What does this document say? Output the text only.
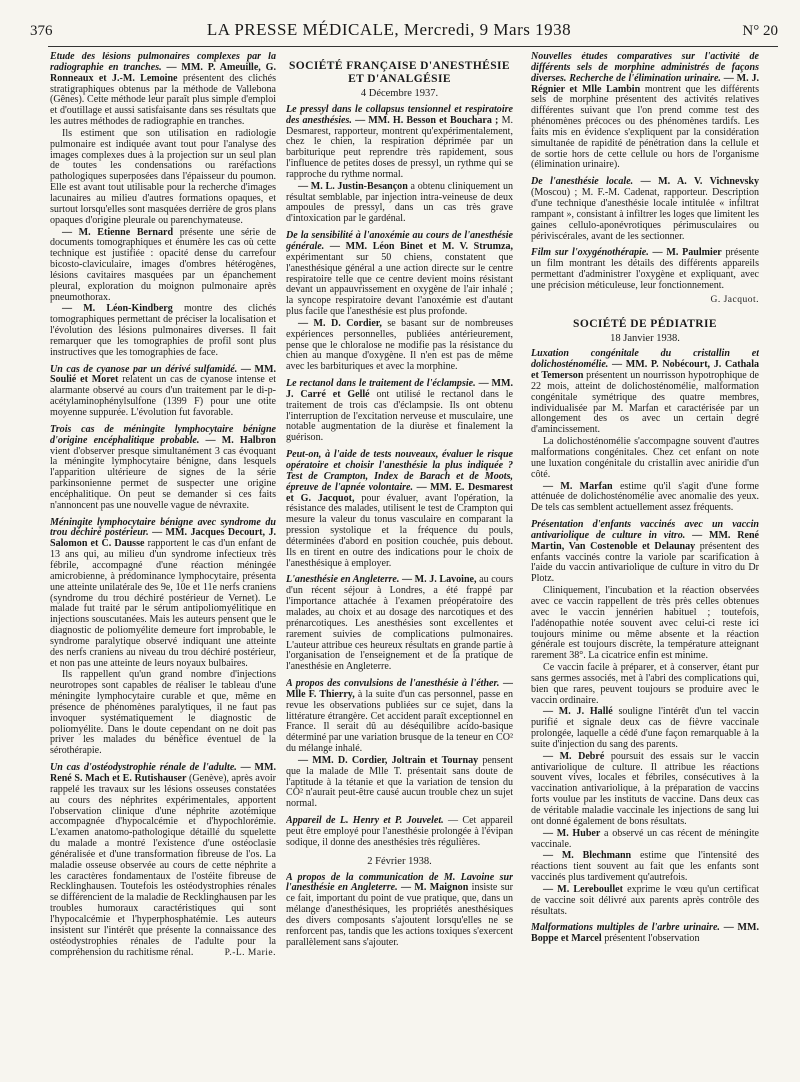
376	LA PRESSE MÉDICALE, Mercredi, 9 Mars 1938	N° 20

Etude des lésions pulmonaires complexes par la radiographie en tranches. — MM. P. Ameuille, G. Ronneaux et J.-M. Lemoine présentent des clichés stratigraphiques obtenus par la méthode de Vallebona (Gênes). Cette méthode leur paraît plus simple d'emploi et d'outillage et aussi satisfaisante dans ses résultats que les autres méthodes de radiographie en tranches.

Ils estiment que son utilisation en radiologie pulmonaire est indiquée avant tout pour l'analyse des images complexes dues à la projection sur un seul plan de toutes les condensations ou raréfactions pathologiques superposées dans l'épaisseur du poumon. Elle est avant tout utilisable pour la recherche d'images lacunaires au milieu d'autres formations opaques, et surtout lorsqu'elles sont masquées derrière de gros plans opaques d'origine pleurale ou parenchymateuse.

— M. Etienne Bernard présente une série de documents tomographiques et énumère les cas où cette technique est justifiée : opacité dense du carrefour bicosto-claviculaire, images d'ombres hétérogènes, lésions cavitaires masquées par un épanchement pleural, exploration du moignon pulmonaire après pneumothorax.

— M. Léon-Kindberg montre des clichés tomographiques permettant de préciser la localisation et l'évolution des lésions pulmonaires diverses. Il fait remarquer que les tomographies de profil sont plus instructives que les tomographies de face.

Un cas de cyanose par un dérivé sulfamidé. — MM. Soulié et Moret relatent un cas de cyanose intense et alarmante observé au cours d'un traitement par le di-p-acétylaminophénylsulfone (1399 F) pour une otite moyenne suppurée. L'évolution fut favorable.

Trois cas de méningite lymphocytaire bénigne d'origine encéphalitique probable. — M. Halbron vient d'observer presque simultanément 3 cas évoquant la méningite lymphocytaire bénigne, dans lesquels l'apparition ultérieure de signes de la série parkinsonienne permet de suspecter une origine encéphalitique. On peut se demander si ces faits n'annoncent pas une nouvelle vague de névraxite.

Méningite lymphocytaire bénigne avec syndrome du trou déchiré postérieur. — MM. Jacques Decourt, J. Salomon et C. Dausse rapportent le cas d'un enfant de 13 ans qui, au milieu d'un syndrome infectieux très fébrile, accompagné d'une réaction méningée amicrobienne, à prédominance lymphocytaire, présenta une atteinte unilatérale des 9e, 10e et 11e nerfs craniens (syndrome du trou déchiré postérieur de Vernet). Le malade fut traité par le sérum antipoliomyélitique en injections souscutanées. Mais les auteurs pensent que le diagnostic de poliomyélite demeure fort improbable, le syndrome paralytique observé indiquant une atteinte des nerfs craniens au niveau du trou déchiré postérieur, et non pas une atteinte de leurs noyaux bulbaires.

Ils rappellent qu'un grand nombre d'injections neurotropes sont capables de réaliser le tableau d'une méningite lymphocytaire curable et que, même en présence de phénomènes paralytiques, il ne faut pas invoquer systématiquement le diagnostic de poliomyélite. Dans le doute cependant on ne doit pas priver les malades du bénéfice éventuel de la sérothérapie.

Un cas d'ostéodystrophie rénale de l'adulte. — MM. René S. Mach et E. Rutishauser (Genève), après avoir rappelé les travaux sur les lésions osseuses constatées au cours des néphrites expérimentales, apportent l'observation clinique d'une néphrite azotémique accompagnée d'hypocalcémie et d'hypochlorémie. L'examen anatomo-pathologique détaillé du squelette du malade a montré l'existence d'une ostéoclasie généralisée et d'une transformation fibreuse de l'os. La maladie osseuse observée au cours de cette néphrite a les caractères fondamentaux de l'ostéite fibreuse de Recklinghausen. Toutefois les ostéodystrophies rénales se différencient de la maladie de Recklinghausen par les troubles humoraux caractéristiques qui sont l'hypocalcémie et l'hyperphosphatémie. Les auteurs insistent sur l'intérêt que présente la connaissance des ostéodystrophies rénales de l'adulte pour la compréhension du rachitisme rénal.	P.-L. Marie.

SOCIÉTÉ FRANÇAISE D'ANESTHÉSIE ET D'ANALGÉSIE
4 Décembre 1937.

Le pressyl dans le collapsus tensionnel et respiratoire des anesthésies. — MM. H. Besson et Bouchara ; M. Desmarest, rapporteur, montrent qu'expérimentalement, chez le chien, la respiration déprimée par un barbiturique peut reprendre très rapidement, sous l'influence de petites doses de pressyl, un rythme qui se rapproche du rythme normal.

— M. L. Justin-Besançon a obtenu cliniquement un résultat semblable, par injection intra-veineuse de deux ampoules de pressyl, dans un cas très grave d'intoxication par le gardénal.

De la sensibilité à l'anoxémie au cours de l'anesthésie générale. — MM. Léon Binet et M. V. Strumza, expérimentant sur 50 chiens, constatent que l'anesthésique général a une action directe sur le centre respiratoire telle que ce centre devient moins résistant devant un appauvrissement en oxygène de l'air inhalé ; la syncope respiratoire devant l'anoxémie est d'autant plus facile que l'anesthésie est plus profonde.

— M. D. Cordier, se basant sur de nombreuses expériences personnelles, publiées antérieurement, pense que le chloralose ne modifie pas la résistance du chien au manque d'oxygène. Il n'en est pas de même avec les barbituriques et avec la morphine.

Le rectanol dans le traitement de l'éclampsie. — MM. J. Carré et Gellé ont utilisé le rectanol dans le traitement de trois cas d'éclampsie. Ils ont obtenu l'interruption de l'excitation nerveuse et musculaire, une notable augmentation de la diurèse et finalement la guérison.

Peut-on, à l'aide de tests nouveaux, évaluer le risque opératoire et choisir l'anesthésie la plus indiquée ? Test de Crampton, Index de Barach et de Moots, épreuve de l'apnée volontaire. — MM. E. Desmarest et G. Jacquot, pour évaluer, avant l'opération, la résistance des malades, utilisent le test de Crampton qui mesure la valeur du tonus vasculaire en comparant la pression systolique et la fréquence du pouls, déterminées d'abord en position couchée, puis debout. Ils en tirent en outre des indications pour le choix de l'anesthésique à employer.

L'anesthésie en Angleterre. — M. J. Lavoine, au cours d'un récent séjour à Londres, a été frappé par l'importance attachée à l'examen préopératoire des malades, au choix et au dosage des narcotiques et des prénarcotiques. Les anesthésies sont excellentes et rarement suivies de complications pulmonaires. L'auteur attribue ces heureux résultats en grande partie à l'organisation de l'enseignement et de la pratique de l'anesthésie en Angleterre.

A propos des convulsions de l'anesthésie à l'éther. — Mlle F. Thierry, à la suite d'un cas personnel, passe en revue les observations publiées sur ce sujet, dans la littérature étrangère. Cet accident paraît exceptionnel en France. Il serait dû au déséquilibre acido-basique déterminé par une variation brusque de la teneur en CO² du mélange inhalé.

— MM. D. Cordier, Joltrain et Tournay pensent que la malade de Mlle T. présentait sans doute de l'aptitude à la tétanie et que la variation de tension du CO² n'aurait peut-être causé aucun trouble chez un sujet normal.

Appareil de L. Henry et P. Jouvelet. — Cet appareil peut être employé pour l'anesthésie prolongée à l'évipan sodique, il donne des anesthésies très régulières.

2 Février 1938.

A propos de la communication de M. Lavoine sur l'anesthésie en Angleterre. — M. Maignon insiste sur ce fait, important du point de vue pratique, que, dans un mélange d'anesthésiques, les propriétés anesthésiques des divers composants s'ajoutent lorsqu'elles ne se renforcent pas, tandis que les actions toxiques s'exercent parallèlement sans s'ajouter.

Nouvelles études comparatives sur l'activité de différents sels de morphine administrés de façons diverses. Recherche de l'élimination urinaire. — M. J. Régnier et Mlle Lambin montrent que les différents sels de morphine présentent des activités relatives différentes suivant que l'on prend comme test des phénomènes précoces ou des phénomènes tardifs. Les faits mis en évidence s'expliquent par la considération simultanée de rapidité de pénétration dans la cellule et de sortie hors de cette cellule ou hors de l'organisme (élimination urinaire).

De l'anesthésie locale. — M. A. V. Vichnevsky (Moscou) ; M. F.-M. Cadenat, rapporteur. Description d'une technique d'anesthésie locale intitulée « infiltrat rampant », consistant à infiltrer les loges que limitent les gaines cellulo-aponévrotiques périmusculaires ou périviscérales, avant de les sectionner.

Film sur l'oxygénothérapie. — M. Paulmier présente un film montrant les détails des différents appareils permettant d'administrer l'oxygène et expliquant, avec une précision méticuleuse, leur fonctionnement.

G. Jacquot.
SOCIÉTÉ DE PÉDIATRIE
18 Janvier 1938.

Luxation congénitale du cristallin et dolichosténomélie. — MM. P. Nobécourt, J. Cathala et Temerson présentent un nourrisson hypotrophique de 22 mois, atteint de dolichosténomélie, malformation congénitale symétrique des quatre membres, individualisée par M. Marfan et caractérisée par un allongement des os avec un certain degré d'amincissement.

La dolichosténomélie s'accompagne souvent d'autres malformations congénitales. Chez cet enfant on note une luxation congénitale du cristallin avec aniridie d'un côté.

— M. Marfan estime qu'il s'agit d'une forme atténuée de dolichosténomélie avec anomalie des yeux. De tels cas semblent actuellement assez fréquents.

Présentation d'enfants vaccinés avec un vaccin antivariolique de culture in vitro. — MM. René Martin, Van Costenoble et Delaunay présentent des enfants vaccinés contre la variole par scarification à l'aide du vaccin antivariolique de culture in vitro du Dr Plotz.

Cliniquement, l'incubation et la réaction observées avec ce vaccin rappellent de très près celles obtenues avec le vaccin jennérien habituel ; toutefois, l'adénopathie notée souvent avec celui-ci reste ici toujours minime ou même absente et la réaction générale est toujours discrète, la température atteignant rarement 38°. La cicatrice enfin est minime.

Ce vaccin facile à préparer, et à conserver, étant pur sans germes associés, met à l'abri des complications qui, bien que rares, peuvent toujours se produire avec le vaccin ordinaire.

— M. J. Hallé souligne l'intérêt d'un tel vaccin purifié et signale deux cas de fièvre vaccinale prolongée, laquelle a cédé d'une façon remarquable à la suite d'injection du sang des parents.

— M. Debré poursuit des essais sur le vaccin antivariolique de culture. Il attribue les réactions souvent vives, locales et fébriles, consécutives à la vaccination antivariolique, à la préparation de vaccins forts voulue par les instituts de vaccine. Dans deux cas de véritable maladie vaccinale les injections de sang lui ont donné également de bons résultats.

— M. Huber a observé un cas récent de méningite vaccinale.

— M. Blechmann estime que l'intensité des réactions tient souvent au fait que les enfants sont vaccinés plus tardivement qu'autrefois.

— M. Lereboullet exprime le vœu qu'un certificat de vaccine soit délivré aux parents après contrôle des résultats.

Malformations multiples de l'arbre urinaire. — MM. Boppe et Marcel présentent l'observation
